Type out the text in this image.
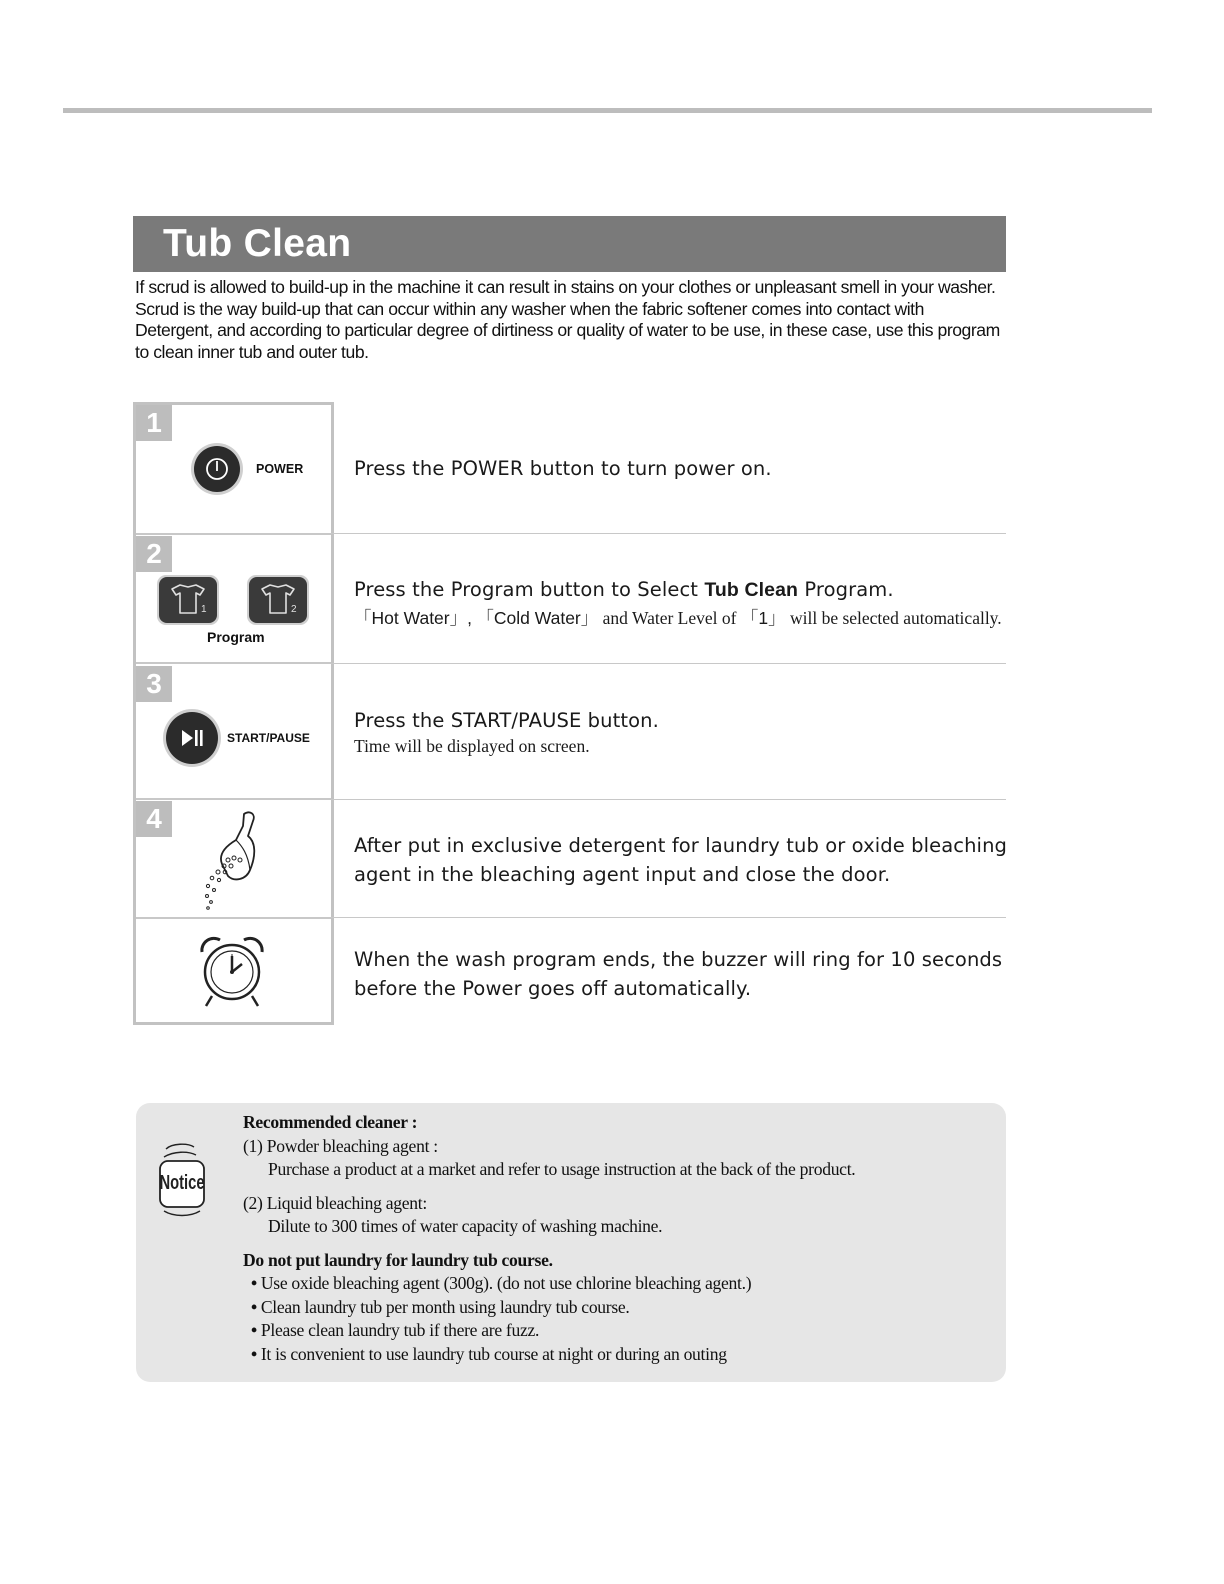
Tub Clean

If scrud is allowed to build-up in the machine it can result in stains on your clothes or unpleasant smell in your washer.

Scrud is the way build-up that can occur within any washer when the fabric softener comes into contact with

Detergent, and according to particular degree of dirtiness or quality of water to be use, in these case, use this program

to clean inner tub and outer tub.

1
POWER	Press the POWER button to turn power on.
2
1	2
Program
Press the Program button to Select Tub Clean Program.
「Hot Water」, 「Cold Water」 and Water Level of 「1」 will be selected automatically.
3
START/PAUSE
Press the START/PAUSE button.
Time will be displayed on screen.
4
After put in exclusive detergent for laundry tub or oxide bleaching
agent in the bleaching agent input and close the door.
When the wash program ends, the buzzer will ring for 10 seconds
before the Power goes off automatically.
Notice
Recommended cleaner :
(1) Powder bleaching agent :
Purchase a product at a market and refer to usage instruction at the back of the product.
(2) Liquid bleaching agent:
Dilute to 300 times of water capacity of washing machine.
Do not put laundry for laundry tub course.
• Use oxide bleaching agent (300g). (do not use chlorine bleaching agent.)
• Clean laundry tub per month using laundry tub course.
• Please clean laundry tub if there are fuzz.
• It is convenient to use laundry tub course at night or during an outing
